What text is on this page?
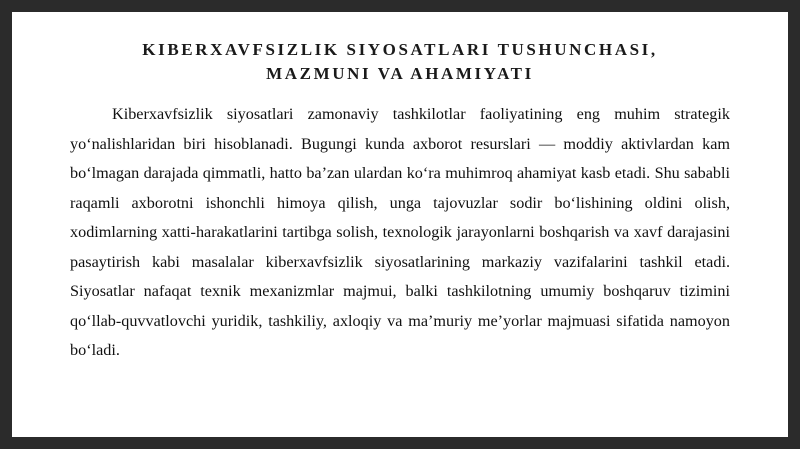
KIBERXAVFSIZLIK SIYOSATLARI TUSHUNCHASI,
MAZMUNI VA AHAMIYATI

Kiberxavfsizlik siyosatlari zamonaviy tashkilotlar faoliyatining eng muhim strategik yo‘nalishlaridan biri hisoblanadi. Bugungi kunda axborot resurslari — moddiy aktivlardan kam bo‘lmagan darajada qimmatli, hatto ba’zan ulardan ko‘ra muhimroq ahamiyat kasb etadi. Shu sababli raqamli axborotni ishonchli himoya qilish, unga tajovuzlar sodir bo‘lishining oldini olish, xodimlarning xatti-harakatlarini tartibga solish, texnologik jarayonlarni boshqarish va xavf darajasini pasaytirish kabi masalalar kiberxavfsizlik siyosatlarining markaziy vazifalarini tashkil etadi. Siyosatlar nafaqat texnik mexanizmlar majmui, balki tashkilotning umumiy boshqaruv tizimini qo‘llab-quvvatlovchi yuridik, tashkiliy, axloqiy va ma’muriy me’yorlar majmuasi sifatida namoyon bo‘ladi.
